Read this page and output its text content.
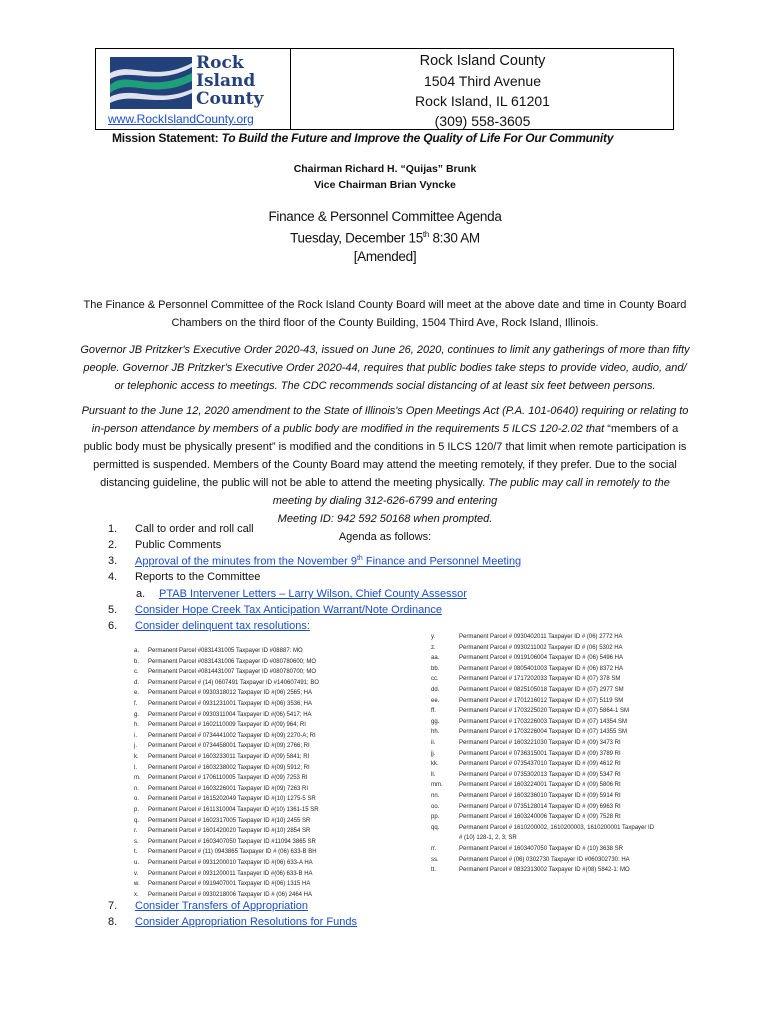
Rock
Island
County
www.RockIslandCounty.org
Rock Island County
1504 Third Avenue
Rock Island, IL 61201
(309) 558-3605
Mission Statement: To Build the Future and Improve the Quality of Life For Our Community
Chairman Richard H. “Quijas” Brunk
Vice Chairman Brian Vyncke
Finance & Personnel Committee Agenda
Tuesday, December 15th 8:30 AM
[Amended]
The Finance & Personnel Committee of the Rock Island County Board will meet at the above date and time in County Board Chambers on the third floor of the County Building, 1504 Third Ave, Rock Island, Illinois.
Governor JB Pritzker's Executive Order 2020-43, issued on June 26, 2020, continues to limit any gatherings of more than fifty people. Governor JB Pritzker's Executive Order 2020-44, requires that public bodies take steps to provide video, audio, and/ or telephonic access to meetings. The CDC recommends social distancing of at least six feet between persons.
Pursuant to the June 12, 2020 amendment to the State of Illinois's Open Meetings Act (P.A. 101-0640) requiring or relating to in-person attendance by members of a public body are modified in the requirements 5 ILCS 120-2.02 that “members of a public body must be physically present” is modified and the conditions in 5 ILCS 120/7 that limit when remote participation is permitted is suspended. Members of the County Board may attend the meeting remotely, if they prefer. Due to the social distancing guideline, the public will not be able to attend the meeting physically. The public may call in remotely to the meeting by dialing 312-626-6799 and entering
Meeting ID: 942 592 50168 when prompted.
Agenda as follows:
1.	Call to order and roll call
2.	Public Comments
3.	Approval of the minutes from the November 9th Finance and Personnel Meeting
4.	Reports to the Committee
a.	PTAB Intervener Letters – Larry Wilson, Chief County Assessor
5.	Consider Hope Creek Tax Anticipation Warrant/Note Ordinance
6.	Consider delinquent tax resolutions:
7.	Consider Transfers of Appropriation
8.	Consider Appropriation Resolutions for Funds
a. Permanent Parcel #0831431005 Taxpayer ID #08887: MO
b. Permanent Parcel #0831431006 Taxpayer ID #080780600; MO
c. Permanent Parcel #0814431007 Taxpayer ID #080780700; MO
d. Permanent Parcel # (14) 0607491 Taxpayer ID #140607491; BO
e. Permanent Parcel # 0930318012 Taxpayer ID #(06) 2565; HA
f. Permanent Parcel # 0931231001 Taxpayer ID #(06) 3536; HA
g. Permanent Parcel # 0930311004 Taxpayer ID #(06) 5417; HA
h. Permanent Parcel # 1602110009 Taxpayer ID #(09) 964; RI
i. Permanent Parcel # 0734441002 Taxpayer ID #(09) 2270-A; RI
j. Permanent Parcel # 0734458001 Taxpayer ID #(09) 2766; RI
k. Permanent Parcel # 1603233011 Taxpayer ID #(09) 5841; RI
l. Permanent Parcel # 1603238002 Taxpayer ID #(09) 5912; RI
m. Permanent Parcel # 1706110005 Taxpayer ID #(09) 7253 RI
n. Permanent Parcel # 1603226001 Taxpayer ID #(09) 7263 RI
o. Permanent Parcel # 1615202049 Taxpayer ID #(10) 1275-5 SR
p. Permanent Parcel # 1611310004 Taxpayer ID #(10) 1361-15 SR
q. Permanent Parcel # 1602317005 Taxpayer ID #(10) 2455 SR
r. Permanent Parcel # 1601420020 Taxpayer ID #(10) 2854 SR
s. Permanent Parcel # 1603407050 Taxpayer ID #11094 3865 SR
t. Permanent Parcel # (11) 0943865 Taxpayer ID # (06) 633-B BH
u. Permanent Parcel # 0931200010 Taxpayer ID #(06) 633-A HA
v. Permanent Parcel # 0931200011 Taxpayer ID #(06) 633-B HA
w. Permanent Parcel # 0919407001 Taxpayer ID #(06) 1315 HA
x. Permanent Parcel # 0930218006 Taxpayer ID # (06) 2464 HA
y.	Permanent Parcel # 0930402011 Taxpayer ID # (06) 2772 HA
z.	Permanent Parcel # 0930211002 Taxpayer ID # (06) 5302 HA
aa.	Permanent Parcel # 0919106004 Taxpayer ID # (06) 5496 HA
bb.	Permanent Parcel # 0805401003 Taxpayer ID # (06) 8372 HA
cc.	Permanent Parcel # 1717202033 Taxpayer ID # (07) 378 SM
dd.	Permanent Parcel # 0825105018 Taxpayer ID # (07) 2977 SM
ee.	Permanent Parcel # 1701216012 Taxpayer ID # (07) 5119 SM
ff.	Permanent Parcel # 1703225020 Taxpayer ID # (07) 5864-1 SM
gg.	Permanent Parcel # 1703226003 Taxpayer ID # (07) 14354 SM
hh.	Permanent Parcel # 1703226004 Taxpayer ID # (07) 14355 SM
ii.	Permanent Parcel # 1603221030 Taxpayer ID # (09) 3473 RI
jj.	Permanent Parcel # 0736315001 Taxpayer ID # (09) 3789 RI
kk.	Permanent Parcel # 0735437010 Taxpayer ID # (09) 4612 RI
ll.	Permanent Parcel # 0735302013 Taxpayer ID # (09) 5347 RI
mm.	Permanent Parcel # 1603224001 Taxpayer ID # (09) 5806 RI
nn.	Permanent Parcel # 1603236010 Taxpayer ID # (09) 5914 RI
oo.	Permanent Parcel # 0735128014 Taxpayer ID # (09) 6963 RI
pp.	Permanent Parcel # 1603240006 Taxpayer ID # (09) 7528 RI
qq.	Permanent Parcel # 1610200002, 1610200003, 1610200001 Taxpayer ID # (10) 128-1, 2, 3; SR
rr.	Permanent Parcel # 1603407050 Taxpayer ID # (10) 3638 SR
ss.	Permanent Parcel # (06) 0302730 Taxpayer ID #060302730: HA
tt.	Permanent Parcel # 0832313002 Taxpayer ID #(08) 5842-1: MO
